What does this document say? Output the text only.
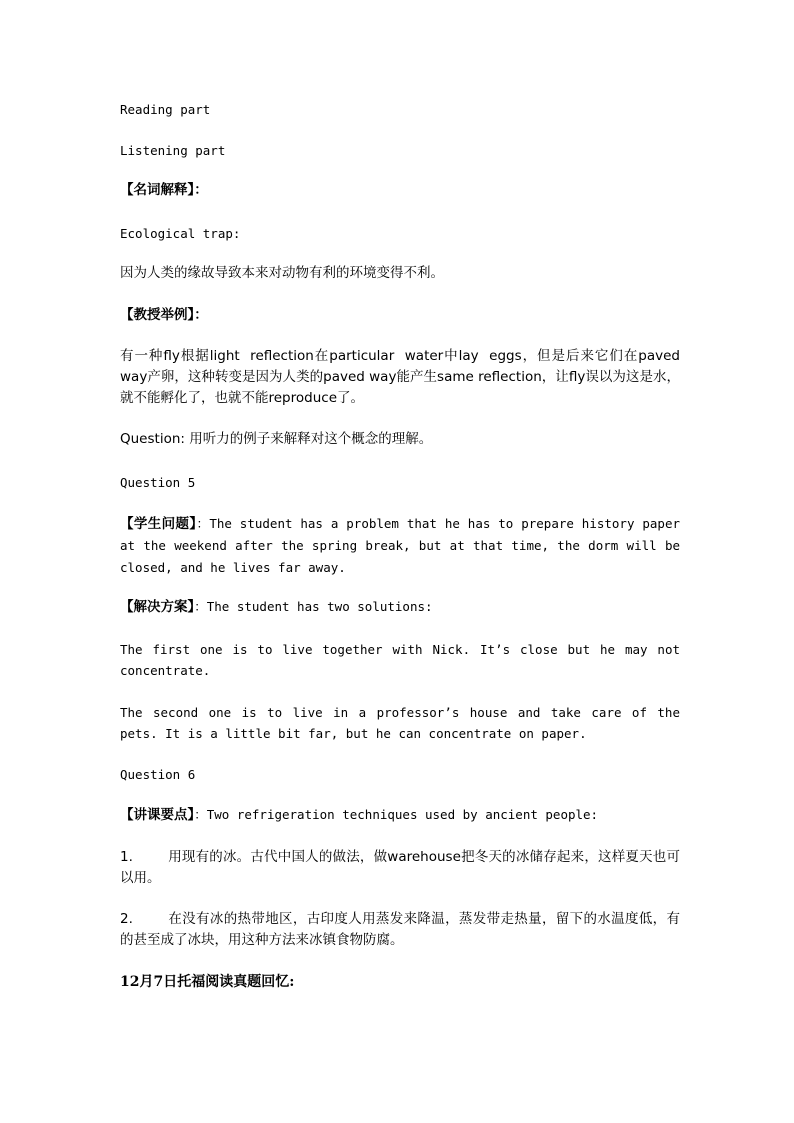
Reading part
Listening part
【名词解释】：
Ecological trap:
因为人类的缘故导致本来对动物有利的环境变得不利。
【教授举例】：
有一种fly根据light  reflection在particular  water中lay  eggs，但是后来它们在paved way产卵，这种转变是因为人类的paved way能产生same reflection，让fly误以为这是水，就不能孵化了，也就不能reproduce了。
Question: 用听力的例子来解释对这个概念的理解。
Question 5
【学生问题】：The student has a problem that he has to prepare history paper at the weekend after the spring break, but at that time, the dorm will be closed, and he lives far away.
【解决方案】：The student has two solutions:
The first one is to live together with Nick. It’s close but he may not concentrate.
The second one is to live in a professor’s house and take care of the pets. It is a little bit far, but he can concentrate on paper.
Question 6
【讲课要点】：Two refrigeration techniques used by ancient people:
1.	用现有的冰。古代中国人的做法，做warehouse把冬天的冰储存起来，这样夏天也可以用。
2.	在没有冰的热带地区，古印度人用蒸发来降温，蒸发带走热量，留下的水温度低，有的甚至成了冰块，用这种方法来冰镇食物防腐。
12月7日托福阅读真题回忆:
